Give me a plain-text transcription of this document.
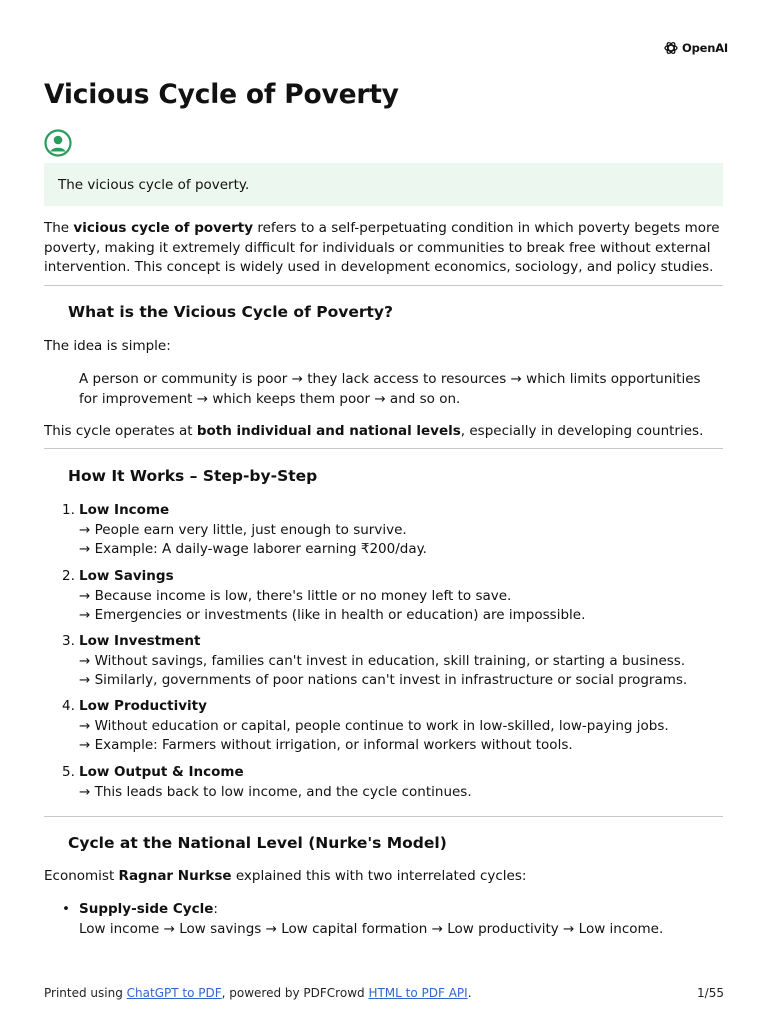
OpenAI
Vicious Cycle of Poverty
The vicious cycle of poverty.

The vicious cycle of poverty refers to a self-perpetuating condition in which poverty begets more poverty, making it extremely difficult for individuals or communities to break free without external intervention. This concept is widely used in development economics, sociology, and policy studies.

What is the Vicious Cycle of Poverty?

The idea is simple:

A person or community is poor → they lack access to resources → which limits opportunities for improvement → which keeps them poor → and so on.

This cycle operates at both individual and national levels, especially in developing countries.

How It Works – Step-by-Step
1. Low Income
→ People earn very little, just enough to survive.
→ Example: A daily-wage laborer earning ₹200/day.
2. Low Savings
→ Because income is low, there's little or no money left to save.
→ Emergencies or investments (like in health or education) are impossible.
3. Low Investment
→ Without savings, families can't invest in education, skill training, or starting a business.
→ Similarly, governments of poor nations can't invest in infrastructure or social programs.
4. Low Productivity
→ Without education or capital, people continue to work in low-skilled, low-paying jobs.
→ Example: Farmers without irrigation, or informal workers without tools.
5. Low Output & Income
→ This leads back to low income, and the cycle continues.
Cycle at the National Level (Nurke's Model)

Economist Ragnar Nurkse explained this with two interrelated cycles:

• Supply-side Cycle:
Low income → Low savings → Low capital formation → Low productivity → Low income.
Printed using ChatGPT to PDF, powered by PDFCrowd HTML to PDF API.	1/55
